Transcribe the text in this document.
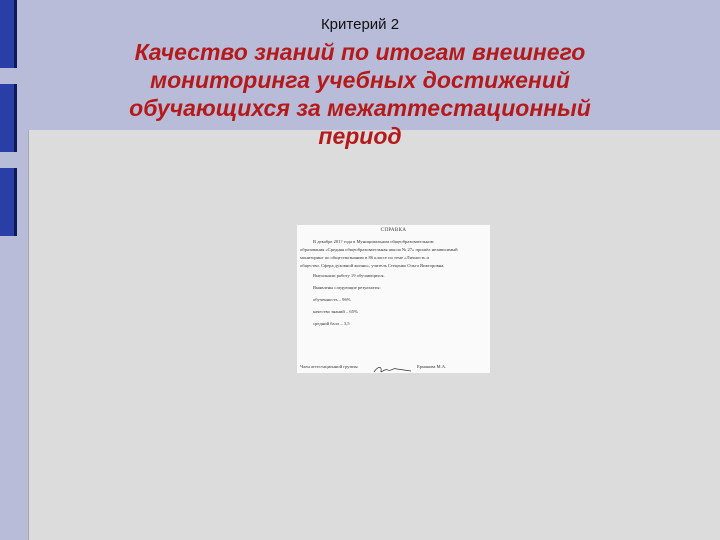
Критерий 2
Качество знаний по итогам внешнего
мониторинга учебных достижений
обучающихся за межаттестационный
период
СПРАВКА
В декабре 201? года в Муниципальном общеобразовательном
образования «Средняя общеобразовательная школа № 27» прошёл независимый
мониторинг по обществознанию в 8б классе по теме «Личность и
общество. Сфера духовной жизни», учитель Стеценко Ольга Викторовна.
Выполняли работу 19 обучающихся.
Выявлены следующие результаты:
обученность – 96%
качество знаний – 65%
средний балл – 3,5
Член аттестационной группы	Ермакова М.А.
